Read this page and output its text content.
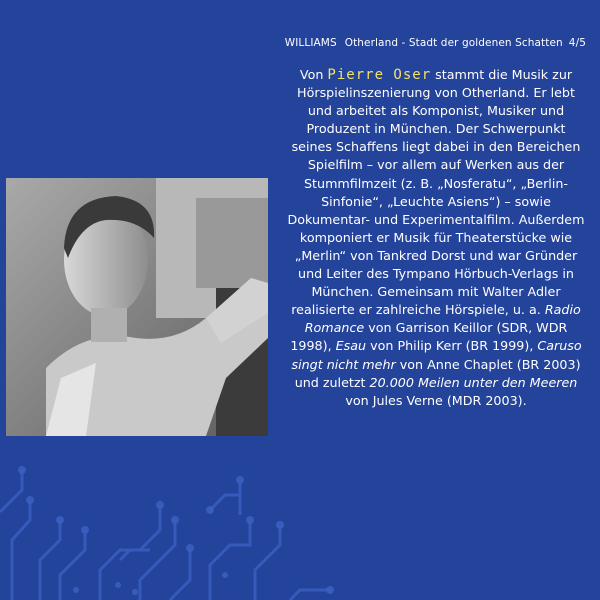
WILLIAMS Otherland - Stadt der goldenen Schatten 4/5
Von Pierre Oser stammt die Musik zur Hörspielinszenierung von Otherland. Er lebt und arbeitet als Komponist, Musiker und Produzent in München. Der Schwerpunkt seines Schaffens liegt dabei in den Bereichen Spielfilm – vor allem auf Werken aus der Stummfilmzeit (z. B. „Nosferatu“, „Berlin-Sinfonie“, „Leuchte Asiens“) – sowie Dokumentar- und Experimentalfilm. Außerdem komponiert er Musik für Theaterstücke wie „Merlin“ von Tankred Dorst und war Gründer und Leiter des Tympano Hörbuch-Verlags in München. Gemeinsam mit Walter Adler realisierte er zahlreiche Hörspiele, u. a. Radio Romance von Garrison Keillor (SDR, WDR 1998), Esau von Philip Kerr (BR 1999), Caruso singt nicht mehr von Anne Chaplet (BR 2003) und zuletzt 20.000 Meilen unter den Meeren von Jules Verne (MDR 2003).
